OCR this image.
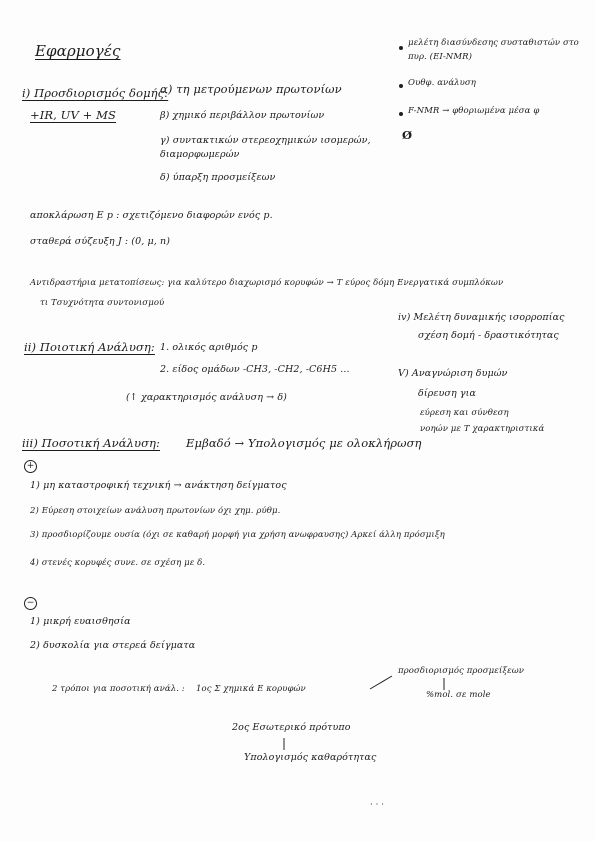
Εφαρμογές	μελέτη διασύνδεσης συσταθιστών στο πυρ. (EI-NMR)
Ουθφ. ανάλυση
F-NMR → φθοριωμένα μέσα φ
Ø
i) Προσδιορισμός δομής:
α) τη μετρούμενων πρωτονίων
+IR, UV + MS	β) χημικό περιβάλλον πρωτονίων
γ) συντακτικών στερεοχημικών ισομερών, διαμορφωμερών
δ) ύπαρξη προσμείξεων
αποκλάρωση E p : σχετιζόμενο διαφορών ενός p.
σταθερά σύζευξη J : (0, μ, n)
Αντιδραστήρια μετατοπίσεως: για καλύτερο διαχωρισμό κορυφών → Τ εύρος δόμη Ενεργατικά συμπλόκων
τι Τσυχνότητα συντονισμού
ii) Ποιοτική Ανάλυση: 1. ολικός αριθμός p
2. είδος ομάδων -CH3, -CH2, -C6H5 ...
(↑ χαρακτηρισμός ανάλυση → δ)
iv) Μελέτη δυναμικής ισορροπίας
σχέση δομή - δραστικότητας
V) Αναγνώριση δυμών
δίρευση για
εύρεση και σύνθεση
νοηών με Τ χαρακτηριστικά
iii) Ποσοτική Ανάλυση: Εμβαδό → Υπολογισμός με ολοκλήρωση
+
1) μη καταστροφική τεχνική → ανάκτηση δείγματος
2) Εύρεση στοιχείων ανάλυση πρωτονίων όχι χημ. ρύθμ.
3) προσδιορίζουμε ουσία (όχι σε καθαρή μορφή για χρήση ανωφραυσης) Αρκεί άλλη πρόσμιξη
4) στενές κορυφές συνε. σε σχέση με δ.
−
1) μικρή ευαισθησία
2) δυσκολία για στερεά δείγματα
2 τρόποι για ποσοτική ανάλ. : 1ος Σ χημικά Ε κορυφών
προσδιορισμός προσμείξεων
%mol. σε mole
2ος Εσωτερικό πρότυπο
Υπολογισμός καθαρότητας
· · ·
